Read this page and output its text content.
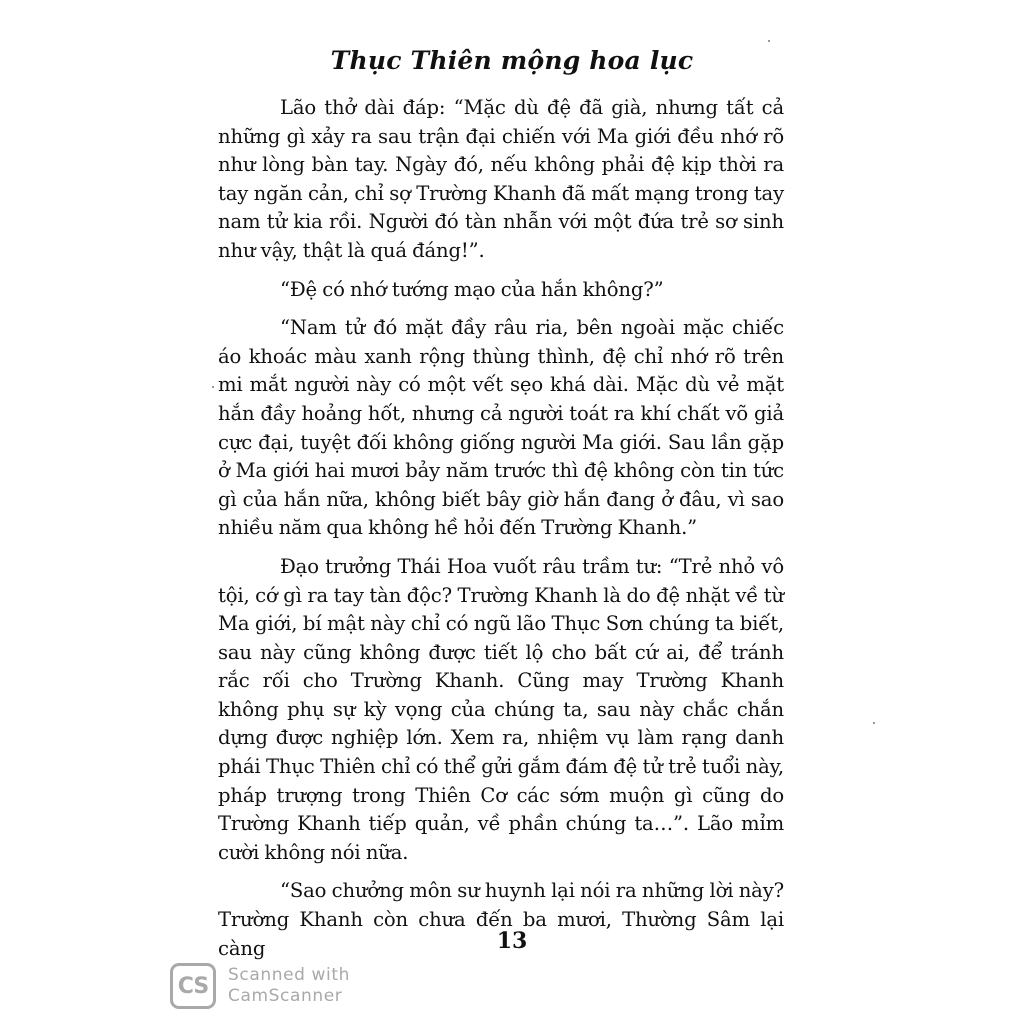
Thục Thiên mộng hoa lục

Lão thở dài đáp: “Mặc dù đệ đã già, nhưng tất cả những gì xảy ra sau trận đại chiến với Ma giới đều nhớ rõ như lòng bàn tay. Ngày đó, nếu không phải đệ kịp thời ra tay ngăn cản, chỉ sợ Trường Khanh đã mất mạng trong tay nam tử kia rồi. Người đó tàn nhẫn với một đứa trẻ sơ sinh như vậy, thật là quá đáng!”.

“Đệ có nhớ tướng mạo của hắn không?”

“Nam tử đó mặt đầy râu ria, bên ngoài mặc chiếc áo khoác màu xanh rộng thùng thình, đệ chỉ nhớ rõ trên mi mắt người này có một vết sẹo khá dài. Mặc dù vẻ mặt hắn đầy hoảng hốt, nhưng cả người toát ra khí chất võ giả cực đại, tuyệt đối không giống người Ma giới. Sau lần gặp ở Ma giới hai mươi bảy năm trước thì đệ không còn tin tức gì của hắn nữa, không biết bây giờ hắn đang ở đâu, vì sao nhiều năm qua không hề hỏi đến Trường Khanh.”

Đạo trưởng Thái Hoa vuốt râu trầm tư: “Trẻ nhỏ vô tội, cớ gì ra tay tàn độc? Trường Khanh là do đệ nhặt về từ Ma giới, bí mật này chỉ có ngũ lão Thục Sơn chúng ta biết, sau này cũng không được tiết lộ cho bất cứ ai, để tránh rắc rối cho Trường Khanh. Cũng may Trường Khanh không phụ sự kỳ vọng của chúng ta, sau này chắc chắn dựng được nghiệp lớn. Xem ra, nhiệm vụ làm rạng danh phái Thục Thiên chỉ có thể gửi gắm đám đệ tử trẻ tuổi này, pháp trượng trong Thiên Cơ các sớm muộn gì cũng do Trường Khanh tiếp quản, về phần chúng ta…”. Lão mỉm cười không nói nữa.

“Sao chưởng môn sư huynh lại nói ra những lời này? Trường Khanh còn chưa đến ba mươi, Thường Sâm lại càng	13
CS Scanned with
CamScanner
